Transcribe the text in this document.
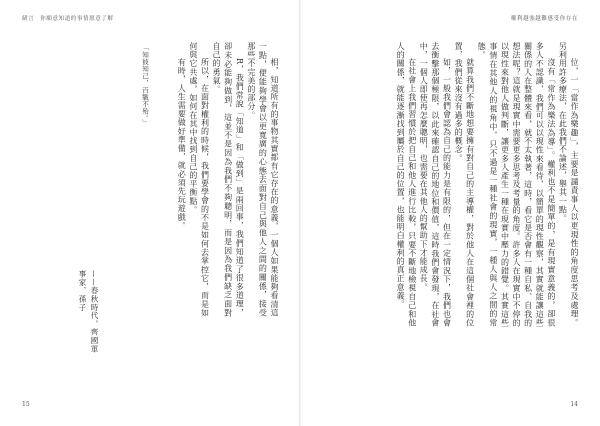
緒言　你願意知道的事情愿意了解	權利越強越難感受你存在

位，一「當作為樂趣」，主要是譴責事人以更現性的角度思考及處理。另利用許多療法，在此我們不論述，舉其一點。

沒有「常作為樂法為導」。權利也不是簡單的，是有現實意義的，卻很多人不認識，我們可以以現性來看待，以簡單的現性觀察，其實就能讓這些關係的人在整體來看，就不太執著，這時，看它是否會有一種自私、自我的想法呢？這就是現實中需要更多思考及考量的角度。許多人在現實中不停的以現性來對他人做判斷，讓更多人產生一種在現實中壓力的錯覺。其實這些事情在其他人的視角中，只不過是一種社會的現實，一種人與人之間的常態。

就算我們不斷地想要擁有對自己的主導權，對於他人在這個社會裡的位置，我們從來沒有過多的概念。

如，一般我們會認為自己的能力是有限的，但在一定情況下，我們也會去衝擊那個極限，以此來確認自己的地位和價值，這時我們會發現，在社會中，一個人即使再怎麼聰明，也需要在其他人的幫助下才能成長。

在社會上我們習慣於把自己和他人進行比較，只要不斷地檢視自己和他人的關係，就能逐漸找到屬於自己的位置，也能明白權利的真正意義。

相，知道所有的事物其實都有它存在的意義，一個人如果能夠看清這一點，便能夠學會以更寬廣的心態去面對自己與他人之間的關係，接受那些不完美的部分。

R，我們常說「知道」和「做到」是兩回事，我們知道了很多道理，卻未必能夠做到，這並不是因為我們不夠聰明，而是因為我們缺乏面對自己的勇氣。

所以，在面對權利的時候，我們要學會的不是如何去掌控它，而是如何與它共處，如何在其中找到自己的平衡點。

有時，人生需要做好準備，就必須先玩遊戲。

「知彼知己，百戰不殆。」
——春秋時代，齊國軍事家，孫子
15	14
